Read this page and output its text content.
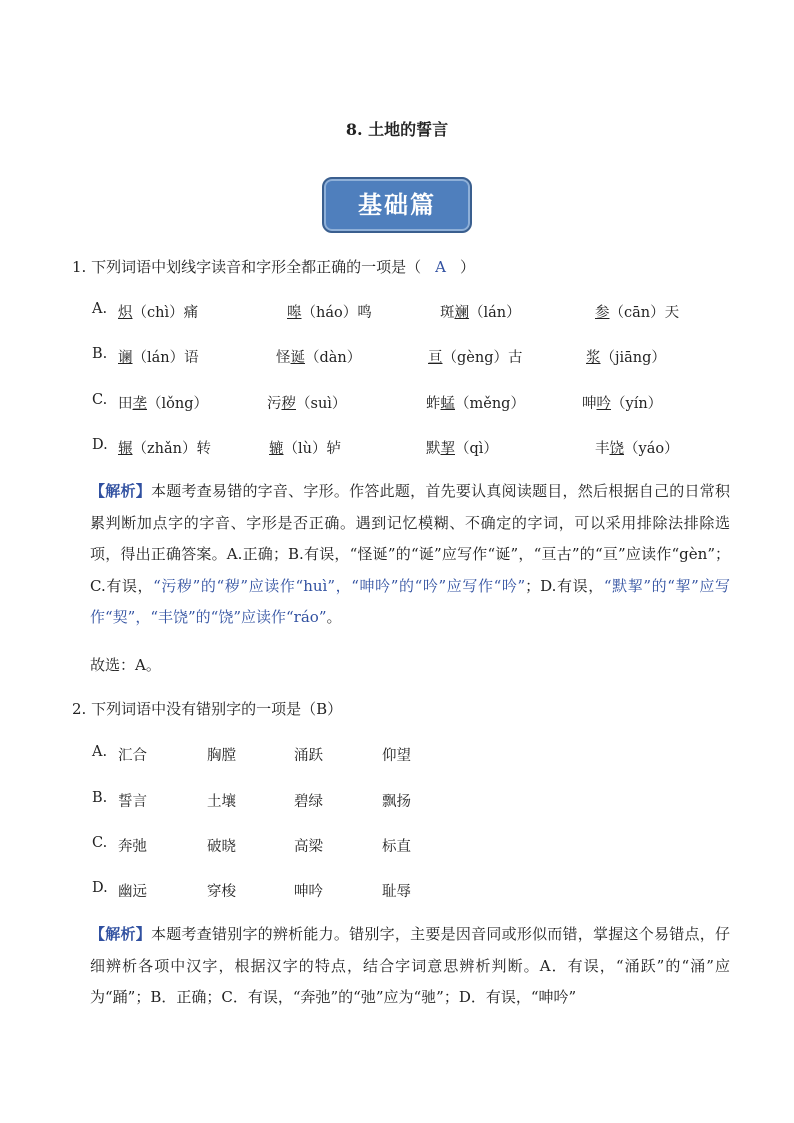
8. 土地的誓言
基础篇
1. 下列词语中划线字读音和字形全都正确的一项是（ A ）
A. 炽（chì）痛	嗥（háo）鸣	斑斓（lán）	参（cān）天
B. 谰（lán）语	怪诞（dàn）	亘（gèng）古	浆（jiāng）
C. 田垄（lǒng）	污秽（suì）	蚱蜢（měng）	呻吟（yín）
D. 辗（zhǎn）转	辘（lù）轳	默挈（qì）	丰饶（yáo）
【解析】本题考查易错的字音、字形。作答此题，首先要认真阅读题目，然后根据自己的日常积累判断加点字的字音、字形是否正确。遇到记忆模糊、不确定的字词，可以采用排除法排除选项，得出正确答案。A.正确；B.有误，“怪诞”的“诞”应写作“诞”，“亘古”的“亘”应读作“gèn”；C.有误，“污秽”的“秽”应读作“huì”，“呻吟”的“吟”应写作“吟”；D.有误，“默挈”的“挈”应写作“契”，“丰饶”的“饶”应读作“ráo”。
故选：A。
2. 下列词语中没有错别字的一项是（B）
A. 汇合	胸膛	涌跃	仰望
B. 誓言	土壤	碧绿	飘扬
C. 奔弛	破晓	高梁	标直
D. 幽远	穿梭	呻吟	耻辱
【解析】本题考查错别字的辨析能力。错别字，主要是因音同或形似而错，掌握这个易错点，仔细辨析各项中汉字，根据汉字的特点，结合字词意思辨析判断。A．有误，“涌跃”的“涌”应为“踊”；B．正确；C．有误，“奔弛”的“弛”应为“驰”；D．有误，“呻吟”
